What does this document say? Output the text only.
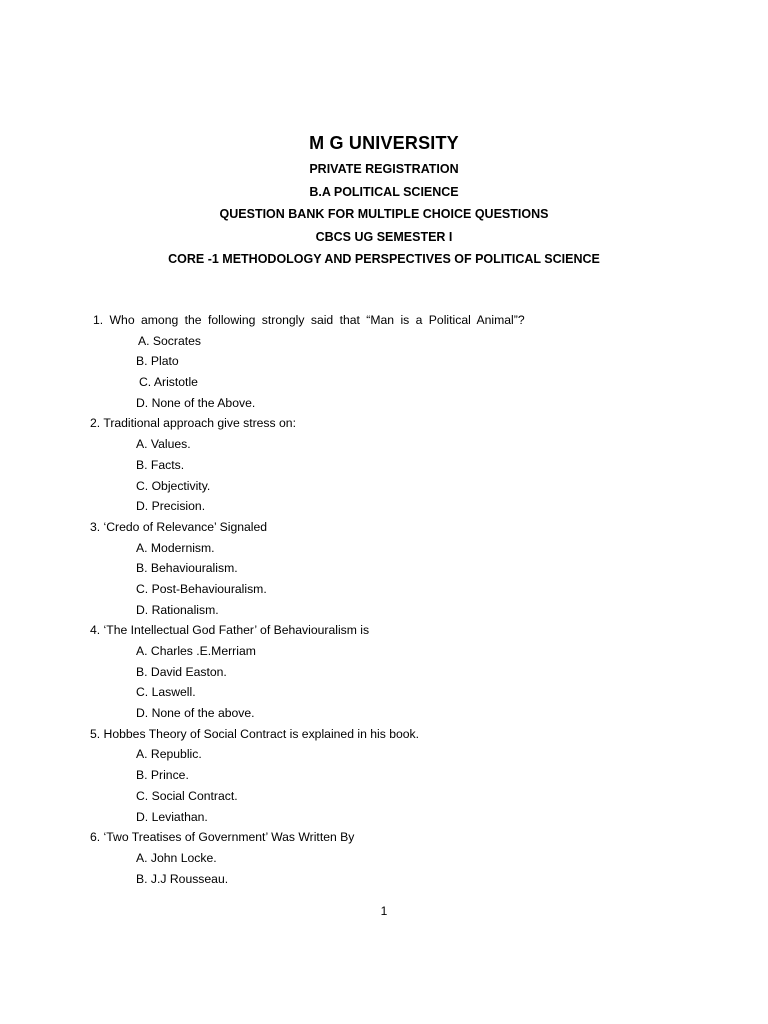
M G UNIVERSITY
PRIVATE REGISTRATION
B.A POLITICAL SCIENCE
QUESTION BANK FOR MULTIPLE CHOICE QUESTIONS
CBCS UG SEMESTER I
CORE -1 METHODOLOGY AND PERSPECTIVES OF POLITICAL SCIENCE
1. Who among the following strongly said that “Man is a Political Animal”?
A. Socrates
B. Plato
C. Aristotle
D. None of the Above.
2. Traditional approach give stress on:
A. Values.
B. Facts.
C. Objectivity.
D. Precision.
3. ‘Credo of Relevance’ Signaled
A. Modernism.
B. Behaviouralism.
C. Post-Behaviouralism.
D. Rationalism.
4. ‘The Intellectual God Father’ of Behaviouralism is
A. Charles .E.Merriam
B. David Easton.
C. Laswell.
D. None of the above.
5. Hobbes Theory of Social Contract is explained in his book.
A. Republic.
B. Prince.
C. Social Contract.
D. Leviathan.
6. ‘Two Treatises of Government’ Was Written By
A. John Locke.
B. J.J Rousseau.
1
